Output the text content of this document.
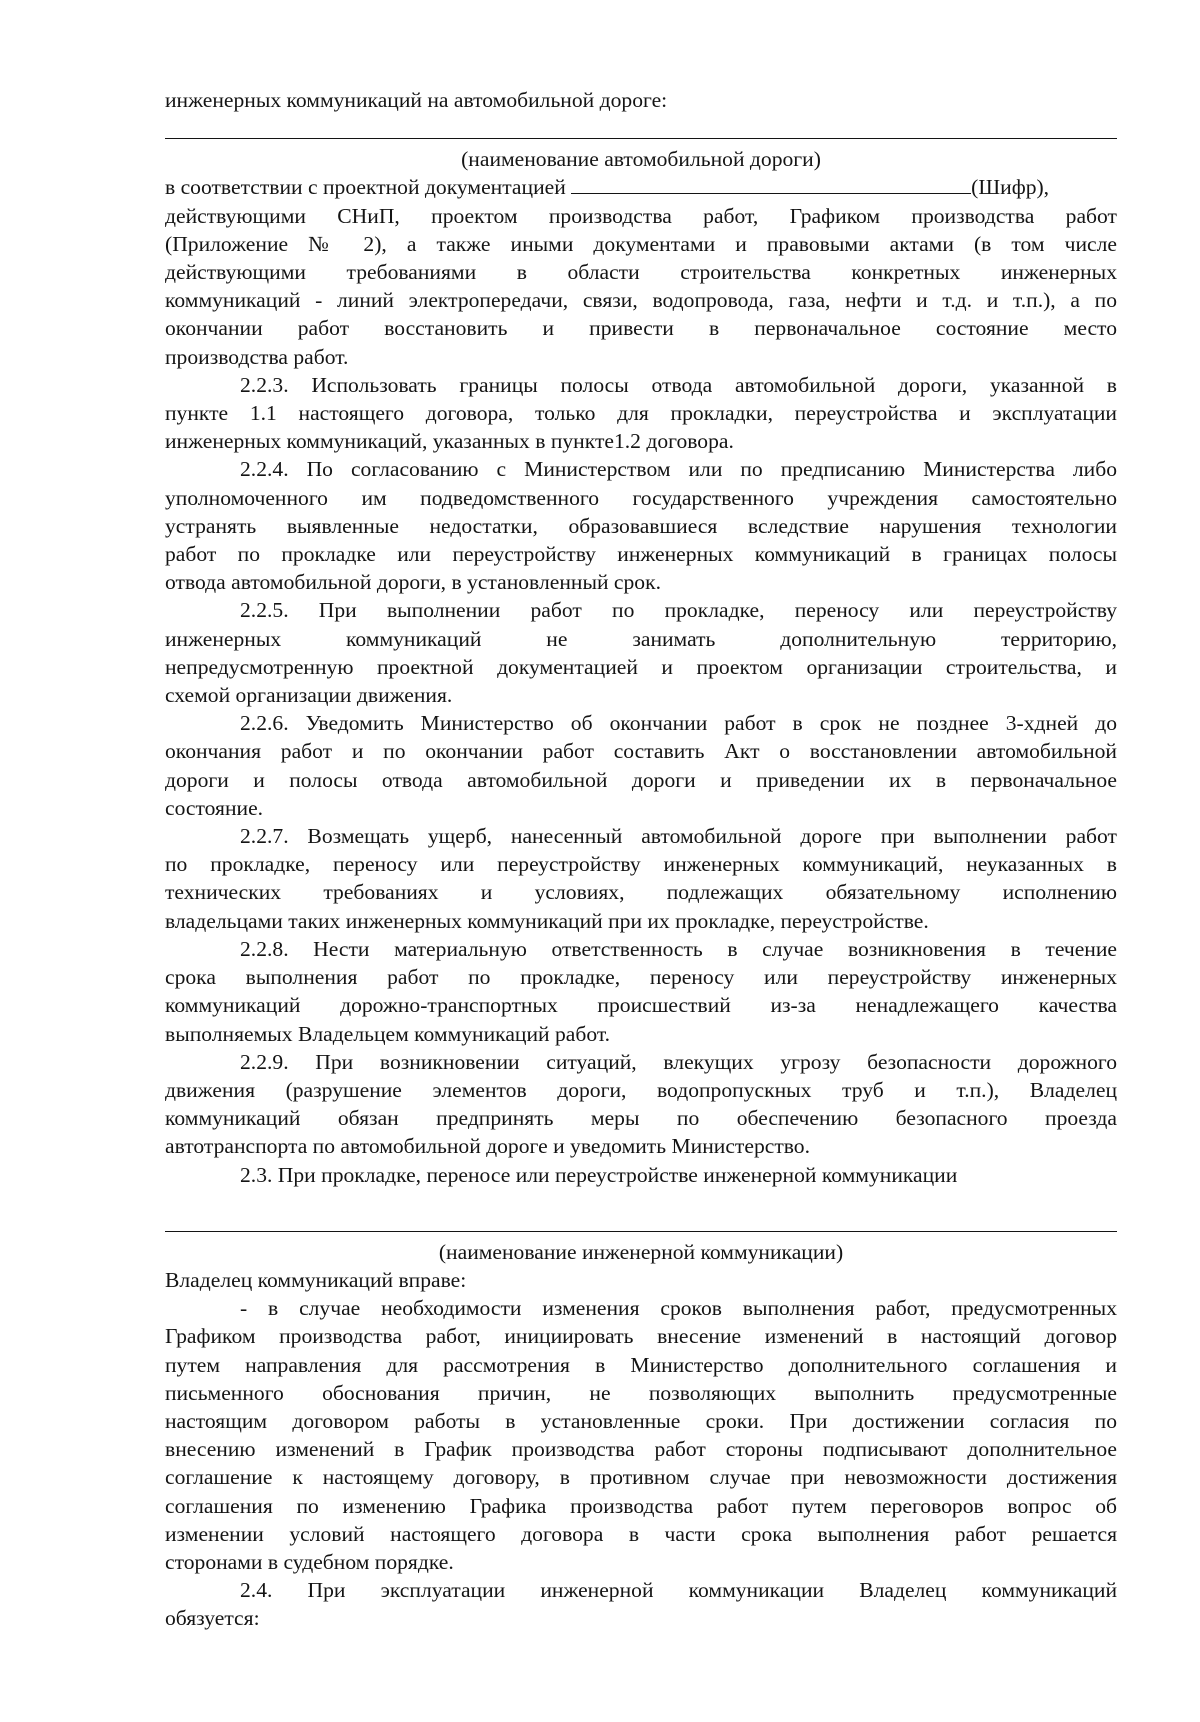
инженерных коммуникаций на автомобильной дороге:
(наименование автомобильной дороги)
в соответствии с проектной документацией	(Шифр),
действующими СНиП, проектом производства работ, Графиком производства работ
(Приложение № 2), а также иными документами и правовыми актами (в том числе
действующими требованиями в области строительства конкретных инженерных
коммуникаций - линий электропередачи, связи, водопровода, газа, нефти и т.д. и т.п.), а по
окончании работ восстановить и привести в первоначальное состояние место
производства работ.
2.2.3. Использовать границы полосы отвода автомобильной дороги, указанной в
пункте 1.1 настоящего договора, только для прокладки, переустройства и эксплуатации
инженерных коммуникаций, указанных в пункте1.2 договора.
2.2.4. По согласованию с Министерством или по предписанию Министерства либо
уполномоченного им подведомственного государственного учреждения самостоятельно
устранять выявленные недостатки, образовавшиеся вследствие нарушения технологии
работ по прокладке или переустройству инженерных коммуникаций в границах полосы
отвода автомобильной дороги, в установленный срок.
2.2.5. При выполнении работ по прокладке, переносу или переустройству
инженерных коммуникаций не занимать дополнительную территорию,
непредусмотренную проектной документацией и проектом организации строительства, и
схемой организации движения.
2.2.6. Уведомить Министерство об окончании работ в срок не позднее 3-хдней до
окончания работ и по окончании работ составить Акт о восстановлении автомобильной
дороги и полосы отвода автомобильной дороги и приведении их в первоначальное
состояние.
2.2.7. Возмещать ущерб, нанесенный автомобильной дороге при выполнении работ
по прокладке, переносу или переустройству инженерных коммуникаций, неуказанных в
технических требованиях и условиях, подлежащих обязательному исполнению
владельцами таких инженерных коммуникаций при их прокладке, переустройстве.
2.2.8. Нести материальную ответственность в случае возникновения в течение
срока выполнения работ по прокладке, переносу или переустройству инженерных
коммуникаций дорожно-транспортных происшествий из-за ненадлежащего качества
выполняемых Владельцем коммуникаций работ.
2.2.9. При возникновении ситуаций, влекущих угрозу безопасности дорожного
движения (разрушение элементов дороги, водопропускных труб и т.п.), Владелец
коммуникаций обязан предпринять меры по обеспечению безопасного проезда
автотранспорта по автомобильной дороге и уведомить Министерство.
2.3. При прокладке, переносе или переустройстве инженерной коммуникации
(наименование инженерной коммуникации)
Владелец коммуникаций вправе:
- в случае необходимости изменения сроков выполнения работ, предусмотренных
Графиком производства работ, инициировать внесение изменений в настоящий договор
путем направления для рассмотрения в Министерство дополнительного соглашения и
письменного обоснования причин, не позволяющих выполнить предусмотренные
настоящим договором работы в установленные сроки. При достижении согласия по
внесению изменений в График производства работ стороны подписывают дополнительное
соглашение к настоящему договору, в противном случае при невозможности достижения
соглашения по изменению Графика производства работ путем переговоров вопрос об
изменении условий настоящего договора в части срока выполнения работ решается
сторонами в судебном порядке.
2.4. При эксплуатации инженерной коммуникации Владелец коммуникаций
обязуется:
